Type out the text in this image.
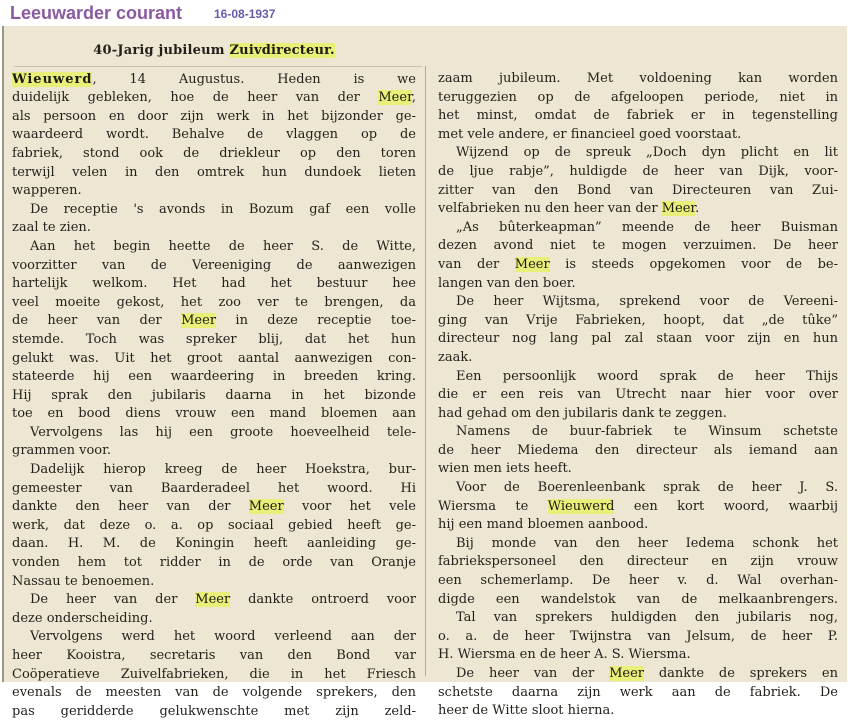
Leeuwarder courant	16-08-1937
40-Jarig jubileum Zuivdirecteur.
Wieuwerd, 14 Augustus. Heden is we
duidelijk gebleken, hoe de heer van der Meer,
als persoon en door zijn werk in het bijzonder ge-
waardeerd wordt. Behalve de vlaggen op de
fabriek, stond ook de driekleur op den toren
terwijl velen in den omtrek hun dundoek lieten
wapperen.
De receptie 's avonds in Bozum gaf een volle
zaal te zien.
Aan het begin heette de heer S. de Witte,
voorzitter van de Vereeniging de aanwezigen
hartelijk welkom. Het had het bestuur hee
veel moeite gekost, het zoo ver te brengen, da
de heer van der Meer in deze receptie toe-
stemde. Toch was spreker blij, dat het hun
gelukt was. Uit het groot aantal aanwezigen con-
stateerde hij een waardeering in breeden kring.
Hij sprak den jubilaris daarna in het bizonde
toe en bood diens vrouw een mand bloemen aan
Vervolgens las hij een groote hoeveelheid tele-
grammen voor.
Dadelijk hierop kreeg de heer Hoekstra, bur-
gemeester van Baarderadeel het woord. Hi
dankte den heer van der Meer voor het vele
werk, dat deze o. a. op sociaal gebied heeft ge-
daan. H. M. de Koningin heeft aanleiding ge-
vonden hem tot ridder in de orde van Oranje
Nassau te benoemen.
De heer van der Meer dankte ontroerd voor
deze onderscheiding.
Vervolgens werd het woord verleend aan der
heer Kooistra, secretaris van den Bond var
Coöperatieve Zuivelfabrieken, die in het Friesch
evenals de meesten van de volgende sprekers, den
pas geridderde gelukwenschte met zijn zeld-
zaam jubileum. Met voldoening kan worden
teruggezien op de afgeloopen periode, niet in
het minst, omdat de fabriek er in tegenstelling
met vele andere, er financieel goed voorstaat.
Wijzend op de spreuk „Doch dyn plicht en lit
de ljue rabje”, huldigde de heer van Dijk, voor-
zitter van den Bond van Directeuren van Zui-
velfabrieken nu den heer van der Meer.
„As bûterkeapman” meende de heer Buisman
dezen avond niet te mogen verzuimen. De heer
van der Meer is steeds opgekomen voor de be-
langen van den boer.
De heer Wijtsma, sprekend voor de Vereeni-
ging van Vrije Fabrieken, hoopt, dat „de tûke”
directeur nog lang pal zal staan voor zijn en hun
zaak.
Een persoonlijk woord sprak de heer Thijs
die er een reis van Utrecht naar hier voor over
had gehad om den jubilaris dank te zeggen.
Namens de buur-fabriek te Winsum schetste
de heer Miedema den directeur als iemand aan
wien men iets heeft.
Voor de Boerenleenbank sprak de heer J. S.
Wiersma te Wieuwerd een kort woord, waarbij
hij een mand bloemen aanbood.
Bij monde van den heer Iedema schonk het
fabriekspersoneel den directeur en zijn vrouw
een schemerlamp. De heer v. d. Wal overhan-
digde een wandelstok van de melkaanbrengers.
Tal van sprekers huldigden den jubilaris nog,
o. a. de heer Twijnstra van Jelsum, de heer P.
H. Wiersma en de heer A. S. Wiersma.
De heer van der Meer dankte de sprekers en
schetste daarna zijn werk aan de fabriek. De
heer de Witte sloot hierna.
